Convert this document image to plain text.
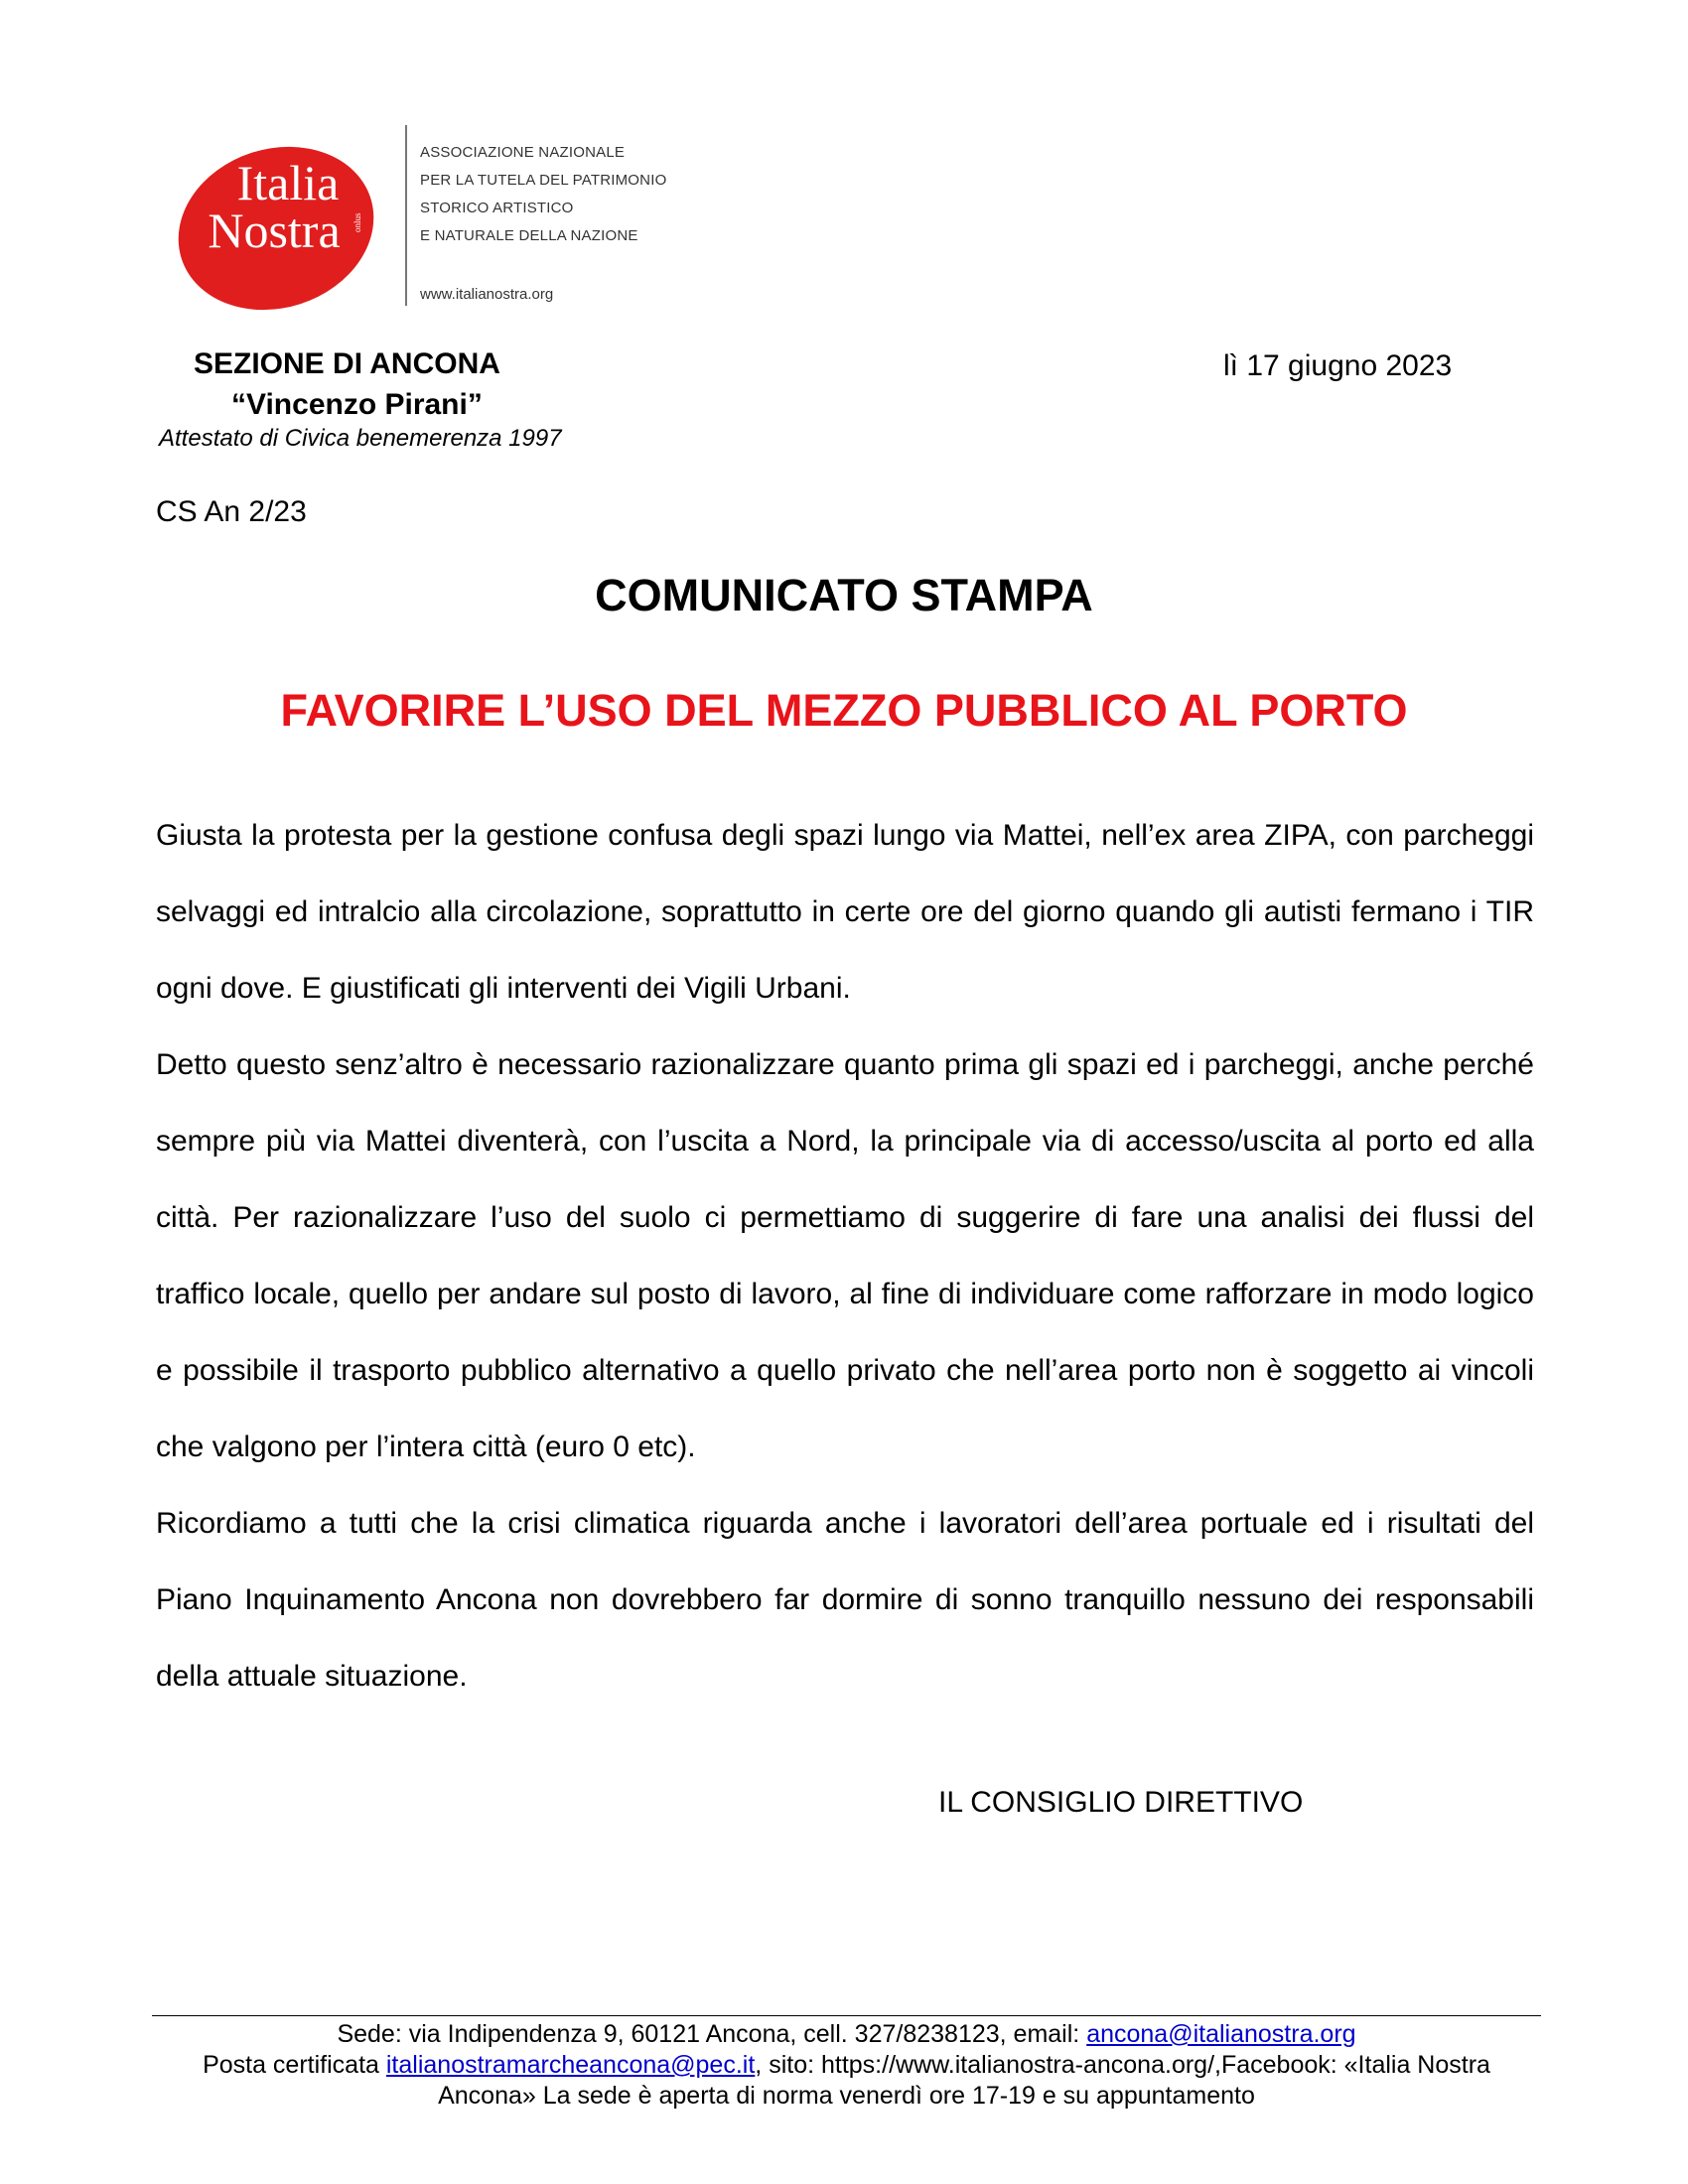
Italia
Nostra	onlus
ASSOCIAZIONE NAZIONALE
PER LA TUTELA DEL PATRIMONIO
STORICO ARTISTICO
E NATURALE DELLA NAZIONE
www.italianostra.org
SEZIONE DI ANCONA
“Vincenzo Pirani”
Attestato di Civica benemerenza 1997
lì 17 giugno 2023
CS An 2/23
COMUNICATO STAMPA
FAVORIRE L’USO DEL MEZZO PUBBLICO AL PORTO

Giusta la protesta per la gestione confusa degli spazi lungo via Mattei, nell’ex area ZIPA, con parcheggi selvaggi ed intralcio alla circolazione, soprattutto in certe ore del giorno quando gli autisti fermano i TIR ogni dove. E giustificati gli interventi dei Vigili Urbani.

Detto questo senz’altro è necessario razionalizzare quanto prima gli spazi ed i parcheggi, anche perché sempre più via Mattei diventerà, con l’uscita a Nord, la principale via di accesso/uscita al porto ed alla città. Per razionalizzare l’uso del suolo ci permettiamo di suggerire di fare una analisi dei flussi del traffico locale, quello per andare sul posto di lavoro, al fine di individuare come rafforzare in modo logico e possibile il trasporto pubblico alternativo a quello privato che nell’area porto non è soggetto ai vincoli che valgono per l’intera città (euro 0 etc).

Ricordiamo a tutti che la crisi climatica riguarda anche i lavoratori dell’area portuale ed i risultati del Piano Inquinamento Ancona non dovrebbero far dormire di sonno tranquillo nessuno dei responsabili della attuale situazione.

IL CONSIGLIO DIRETTIVO
Sede: via Indipendenza 9, 60121 Ancona, cell. 327/8238123, email: ancona@italianostra.org
Posta certificata italianostramarcheancona@pec.it, sito: https://www.italianostra-ancona.org/,Facebook: «Italia Nostra Ancona» La sede è aperta di norma venerdì ore 17-19 e su appuntamento
